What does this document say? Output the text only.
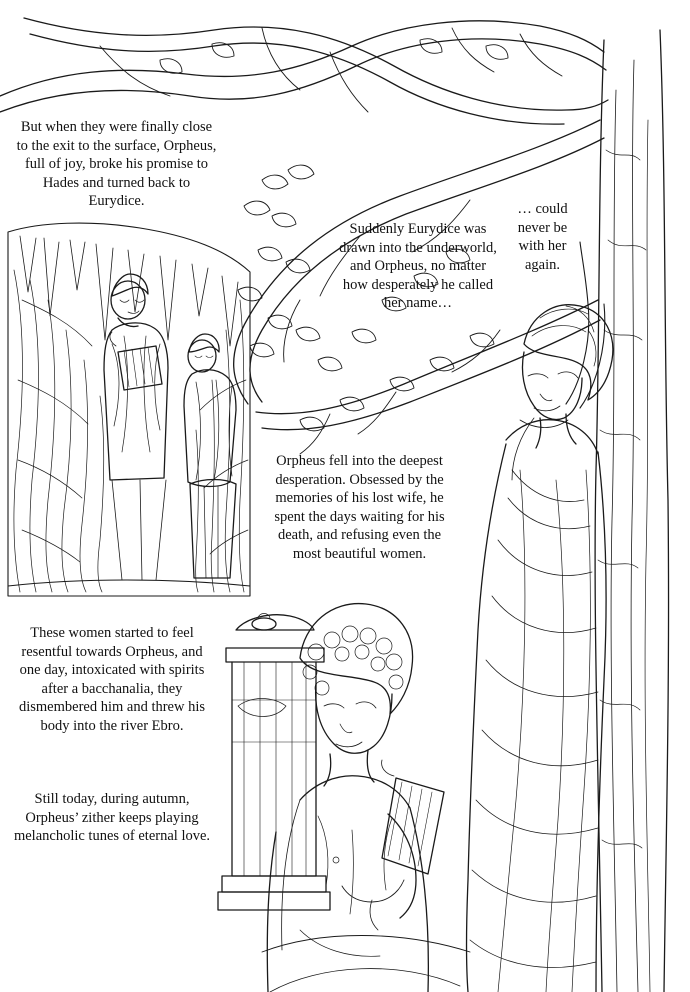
But when they were finally close to the exit to the surface, Orpheus, full of joy, broke his promise to Hades and turned back to Eurydice.
Suddenly Eurydice was drawn into the underworld, and Orpheus, no matter how desperately he called her name…
… could never be with her again.
Orpheus fell into the deepest desperation. Obsessed by the memories of his lost wife, he spent the days waiting for his death, and refusing even the most beautiful women.
These women started to feel resentful towards Orpheus, and one day, intoxicated with spirits after a bacchanalia, they dismembered him and threw his body into the river Ebro.
Still today, during autumn, Orpheus’ zither keeps playing melancholic tunes of eternal love.
